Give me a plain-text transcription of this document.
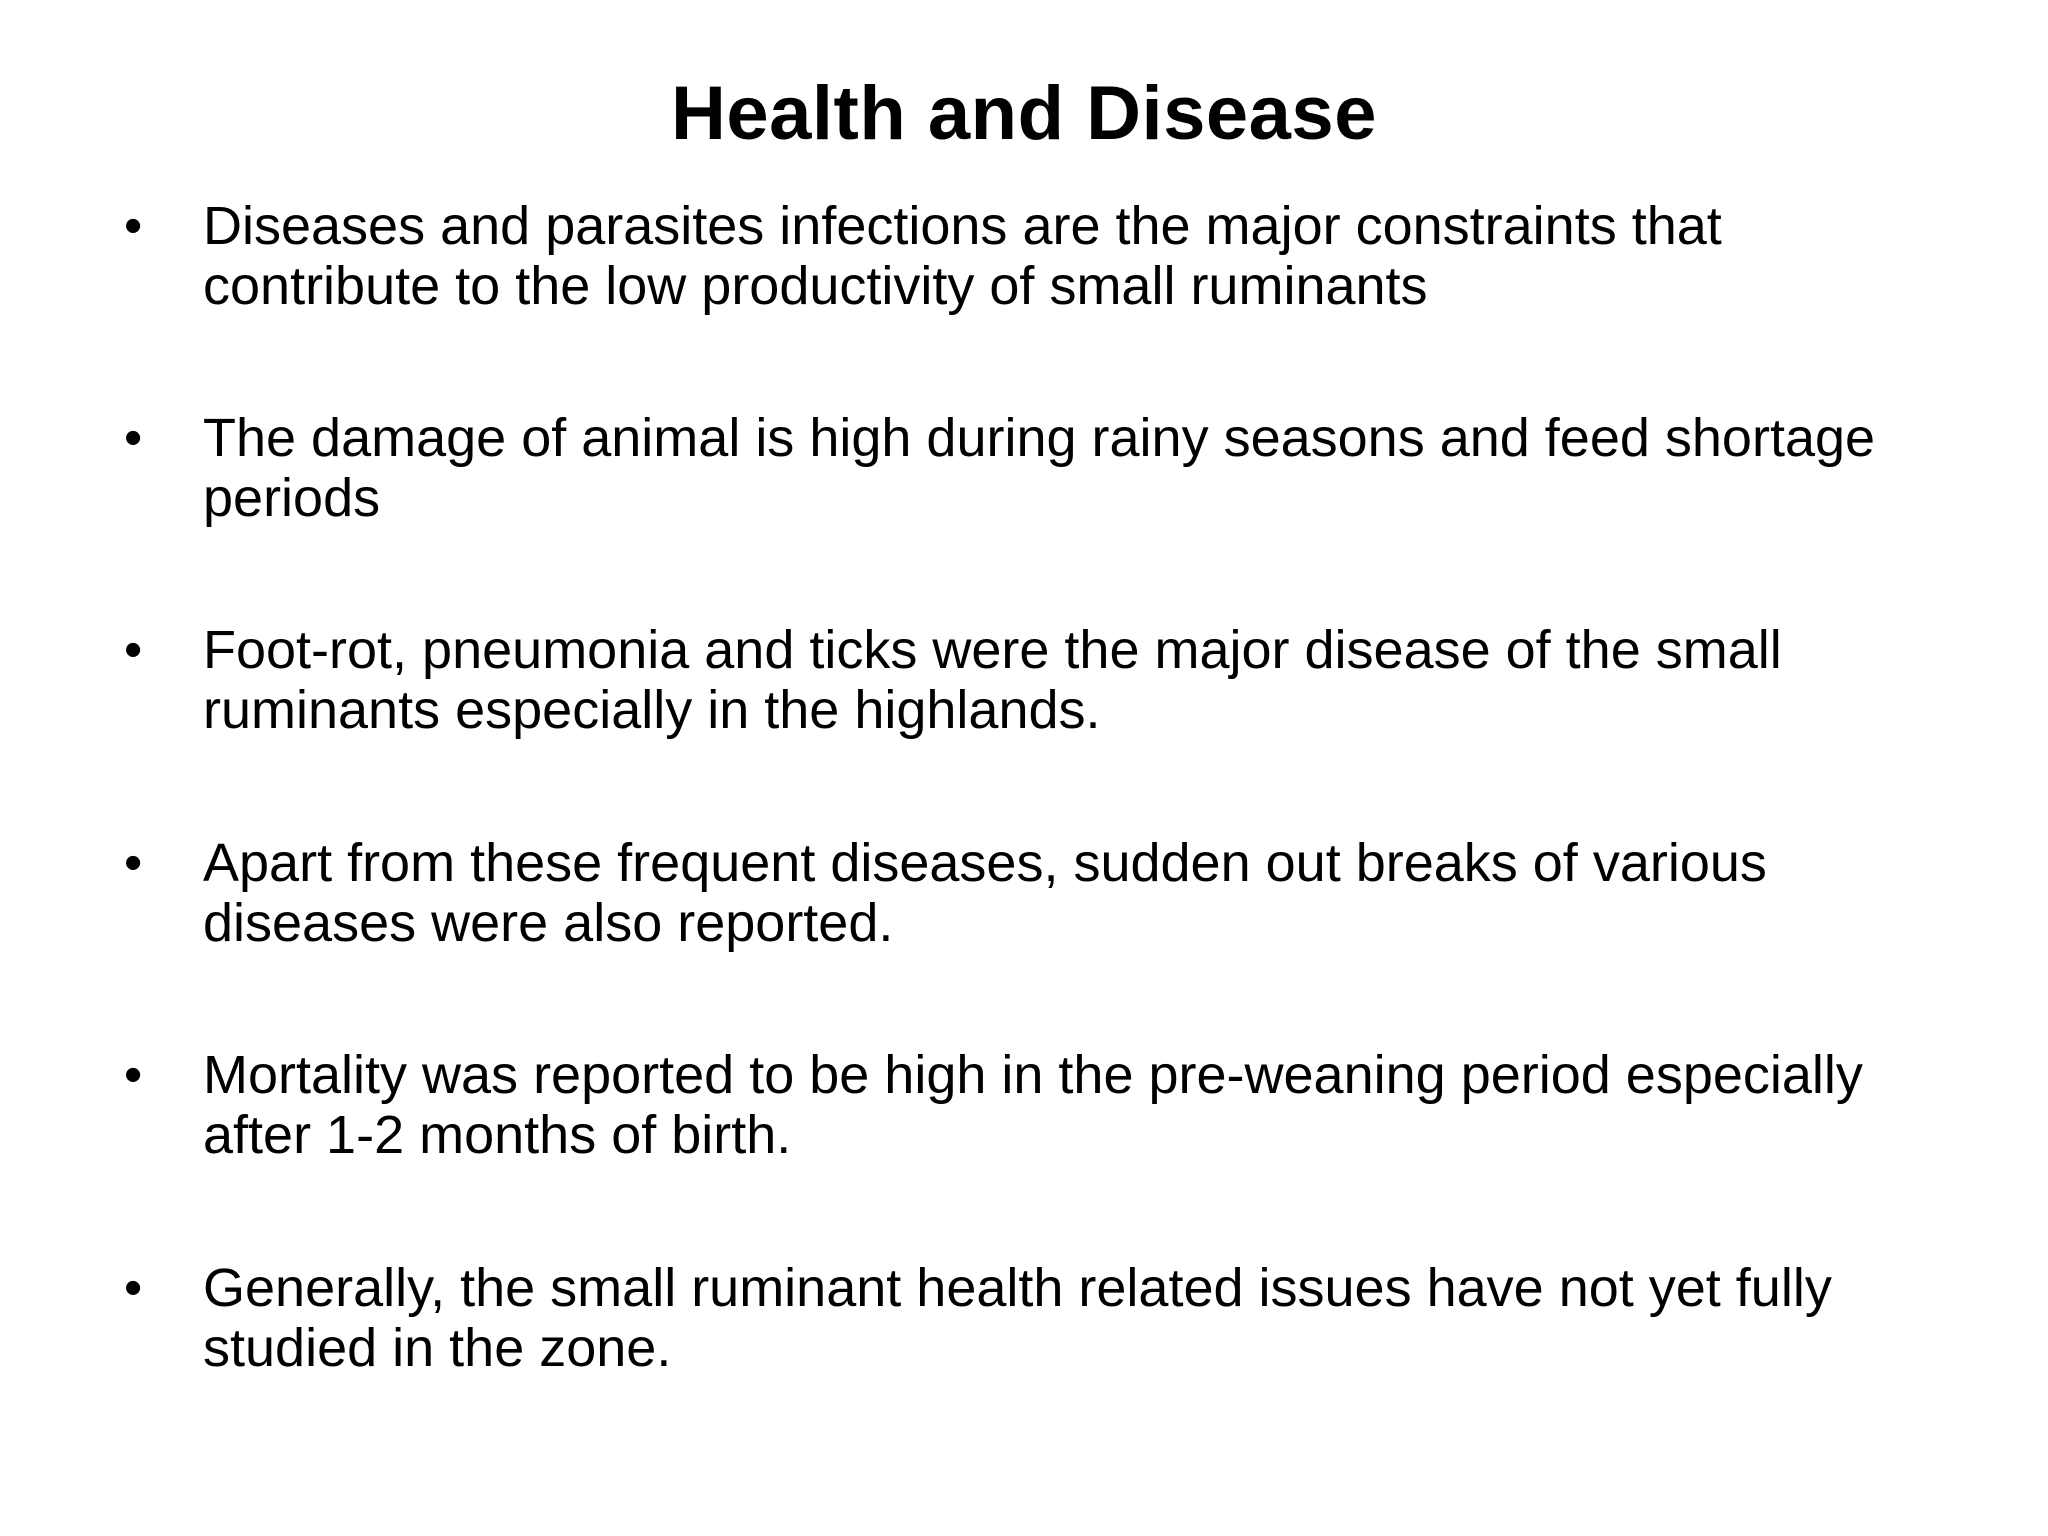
Health and Disease
• Diseases and parasites infections are the major constraints that contribute to the low productivity of small ruminants

• The damage of animal is high during rainy seasons and feed shortage periods

• Foot-rot, pneumonia and ticks were the major disease of the small ruminants especially in the highlands.

• Apart from these frequent diseases, sudden out breaks of various diseases were also reported.

• Mortality was reported to be high in the pre-weaning period especially after 1-2 months of birth.

• Generally, the small ruminant health related issues have not yet fully studied in the zone.
